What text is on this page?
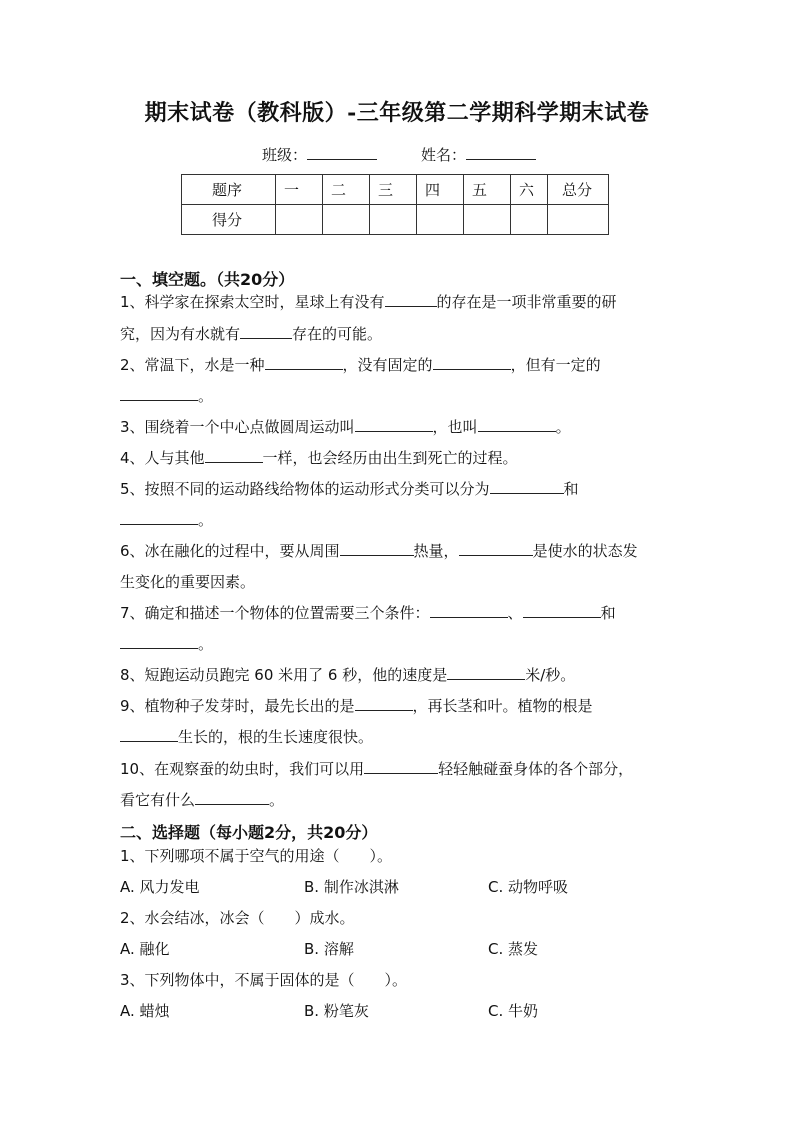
期末试卷（教科版）-三年级第二学期科学期末试卷
班级：	姓名：
题序	一	二	三	四	五	六	总分
得分							
一、填空题。（共20分）
1、科学家在探索太空时，星球上有没有	的存在是一项非常重要的研
究，因为有水就有	存在的可能。
2、常温下，水是一种	，没有固定的	，但有一定的
。
3、围绕着一个中心点做圆周运动叫	，也叫	。
4、人与其他	一样，也会经历由出生到死亡的过程。
5、按照不同的运动路线给物体的运动形式分类可以分为	和
。
6、冰在融化的过程中，要从周围	热量，	是使水的状态发
生变化的重要因素。
7、确定和描述一个物体的位置需要三个条件：	、	和
。
8、短跑运动员跑完 60 米用了 6 秒，他的速度是	米/秒。
9、植物种子发芽时，最先长出的是	，再长茎和叶。植物的根是
生长的，根的生长速度很快。
10、在观察蚕的幼虫时，我们可以用	轻轻触碰蚕身体的各个部分，
看它有什么	。
二、选择题（每小题2分，共20分）
1、下列哪项不属于空气的用途（　　）。
A. 风力发电	B. 制作冰淇淋	C. 动物呼吸
2、水会结冰，冰会（　　）成水。
A. 融化	B. 溶解	C. 蒸发
3、下列物体中，不属于固体的是（　　）。
A. 蜡烛	B. 粉笔灰	C. 牛奶
